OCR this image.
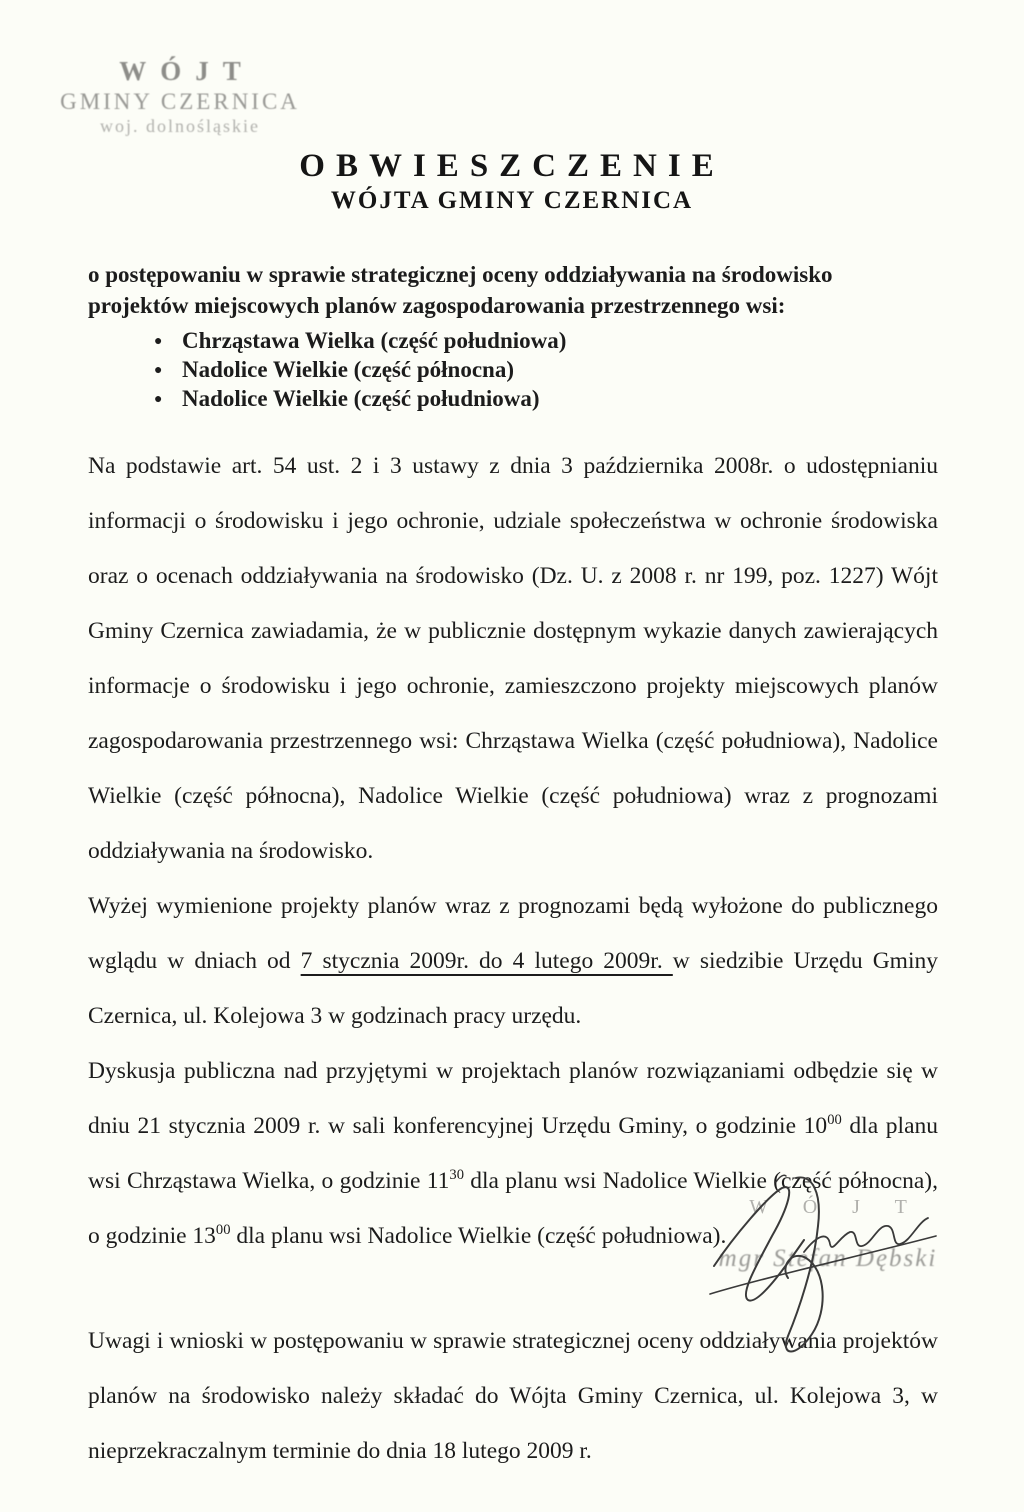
WÓJT
GMINY CZERNICA
woj. dolnośląskie
OBWIESZCZENIE
WÓJTA GMINY CZERNICA

o postępowaniu w sprawie strategicznej oceny oddziaływania na środowisko projektów miejscowych planów zagospodarowania przestrzennego wsi:

● Chrząstawa Wielka (część południowa)
● Nadolice Wielkie (część północna)
● Nadolice Wielkie (część południowa)

Na podstawie art. 54 ust. 2 i 3 ustawy z dnia 3 października 2008r. o udostępnianiu informacji o środowisku i jego ochronie, udziale społeczeństwa w ochronie środowiska oraz o ocenach oddziaływania na środowisko (Dz. U. z 2008 r. nr 199, poz. 1227) Wójt Gminy Czernica zawiadamia, że w publicznie dostępnym wykazie danych zawierających informacje o środowisku i jego ochronie, zamieszczono projekty miejscowych planów zagospodarowania przestrzennego wsi: Chrząstawa Wielka (część południowa), Nadolice Wielkie (część północna), Nadolice Wielkie (część południowa) wraz z prognozami oddziaływania na środowisko.

Wyżej wymienione projekty planów wraz z prognozami będą wyłożone do publicznego wglądu w dniach od 7 stycznia 2009r. do 4 lutego 2009r. w siedzibie Urzędu Gminy Czernica, ul. Kolejowa 3 w godzinach pracy urzędu.

Dyskusja publiczna nad przyjętymi w projektach planów rozwiązaniami odbędzie się w dniu 21 stycznia 2009 r. w sali konferencyjnej Urzędu Gminy, o godzinie $10^{00}$ dla planu wsi Chrząstawa Wielka, o godzinie $11^{30}$ dla planu wsi Nadolice Wielkie (część północna), o godzinie $13^{00}$ dla planu wsi Nadolice Wielkie (część południowa).

Uwagi i wnioski w postępowaniu w sprawie strategicznej oceny oddziaływania projektów planów na środowisko należy składać do Wójta Gminy Czernica, ul. Kolejowa 3, w nieprzekraczalnym terminie do dnia 18 lutego 2009 r.

W Ó J T
mgr Stefan Dębski
